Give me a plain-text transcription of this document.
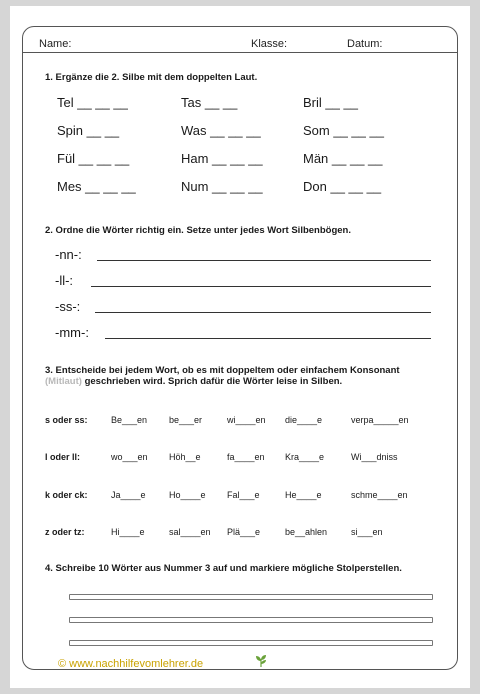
Name:	Klasse:	Datum:
1. Ergänze die 2. Silbe mit dem doppelten Laut.
Tel __ __ __	Tas __ __	Bril __ __
Spin __ __	Was __ __ __	Som __ __ __
Fül __ __ __	Ham __ __ __	Män __ __ __
Mes __ __ __	Num __ __ __	Don __ __ __
2. Ordne die Wörter richtig ein. Setze unter jedes Wort Silbenbögen.
-nn-:
-ll-:
-ss-:
-mm-:
3. Entscheide bei jedem Wort, ob es mit doppeltem oder einfachem Konsonant
(Mitlaut) geschrieben wird. Sprich dafür die Wörter leise in Silben.
s oder ss:	Be___en be___er	wi____en die____e	verpa_____en
l oder ll:	wo___en Höh__e	fa____en Kra____e	Wi___dniss
k oder ck:	Ja____e	Ho____e Fal___e	He____e	schme____en
z oder tz:	Hi____e	sal____en Plä___e	be__ahlen	si___en
4. Schreibe 10 Wörter aus Nummer 3 auf und markiere mögliche Stolperstellen.
© www.nachhilfevomlehrer.de
